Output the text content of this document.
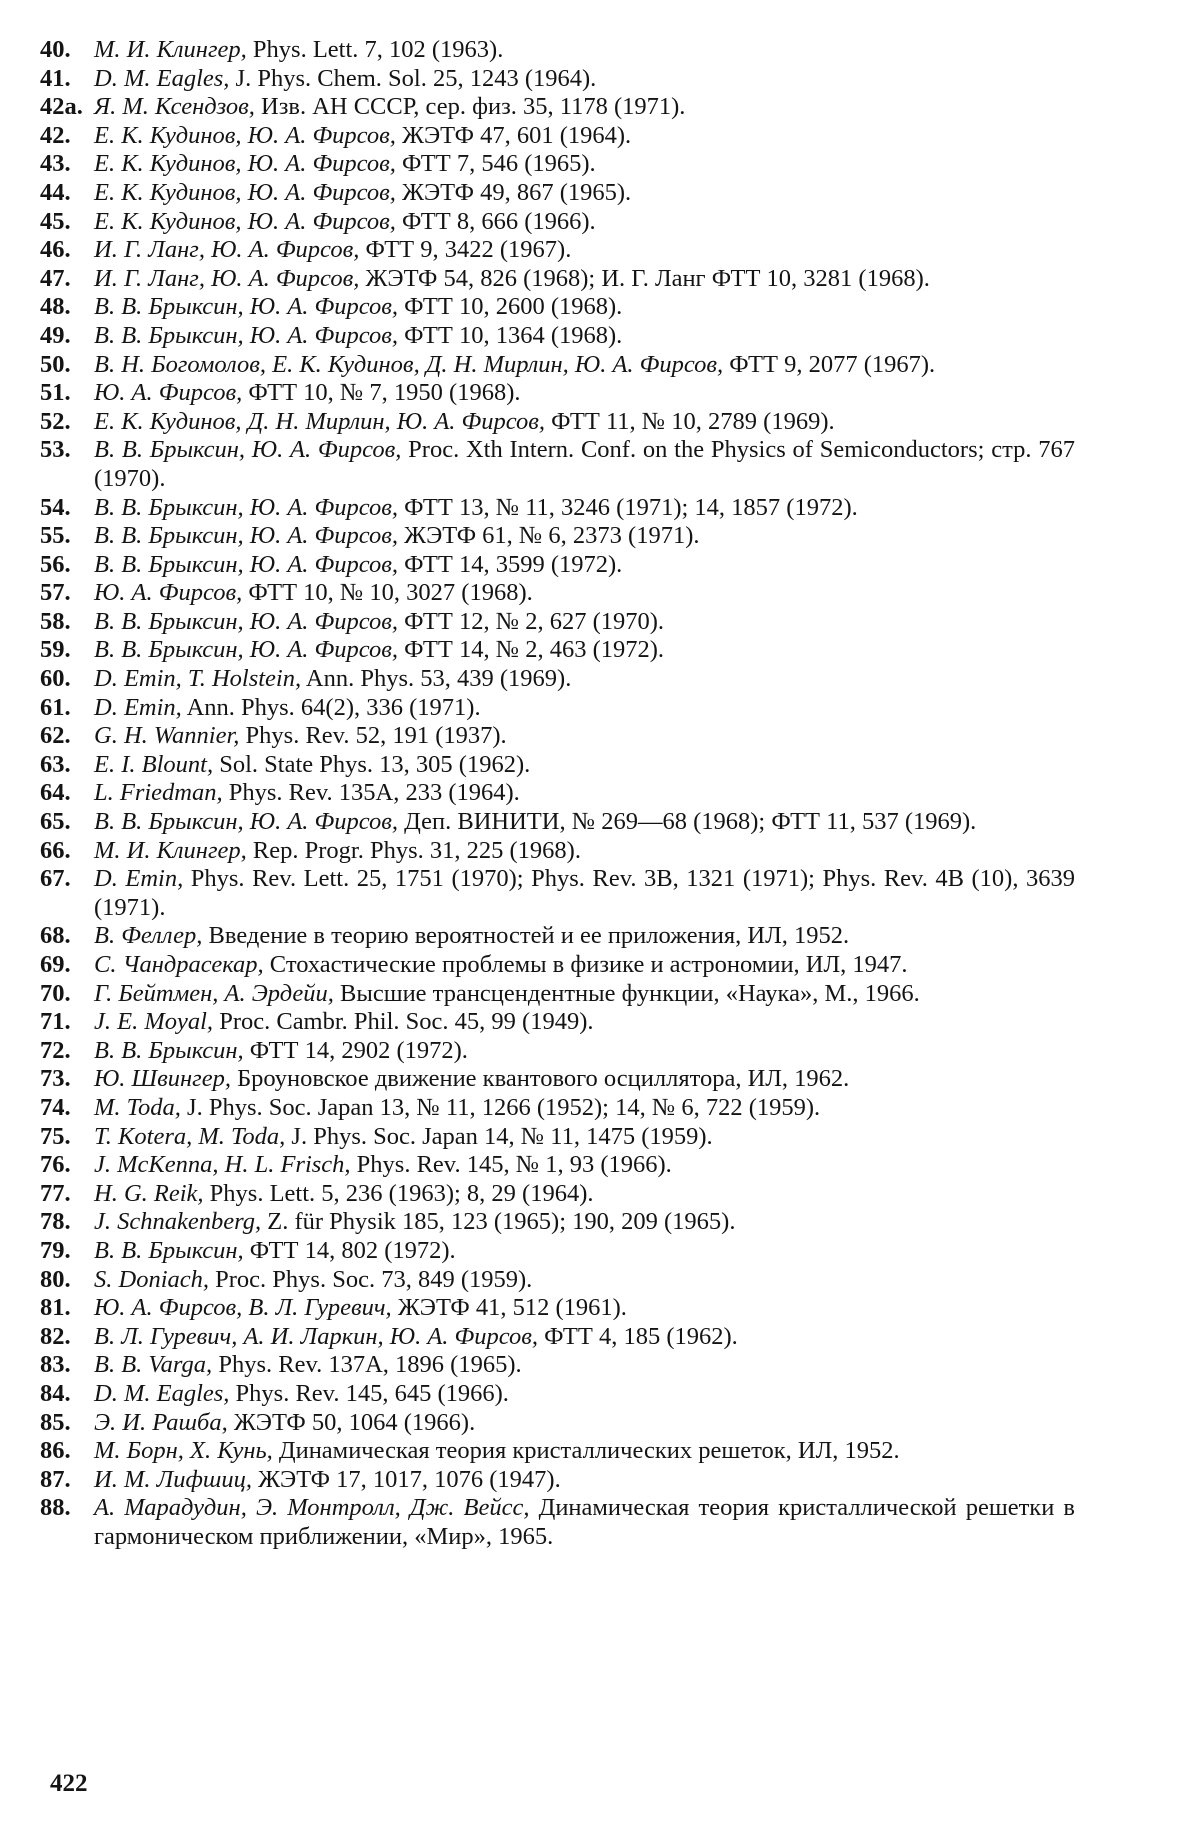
40. М. И. Клингер, Phys. Lett. 7, 102 (1963).
41. D. M. Eagles, J. Phys. Chem. Sol. 25, 1243 (1964).
42а. Я. М. Ксендзов, Изв. АН СССР, сер. физ. 35, 1178 (1971).
42. Е. К. Кудинов, Ю. А. Фирсов, ЖЭТФ 47, 601 (1964).
43. Е. К. Кудинов, Ю. А. Фирсов, ФТТ 7, 546 (1965).
44. Е. К. Кудинов, Ю. А. Фирсов, ЖЭТФ 49, 867 (1965).
45. Е. К. Кудинов, Ю. А. Фирсов, ФТТ 8, 666 (1966).
46. И. Г. Ланг, Ю. А. Фирсов, ФТТ 9, 3422 (1967).
47. И. Г. Ланг, Ю. А. Фирсов, ЖЭТФ 54, 826 (1968); И. Г. Ланг ФТТ 10, 3281 (1968).
48. В. В. Брыксин, Ю. А. Фирсов, ФТТ 10, 2600 (1968).
49. В. В. Брыксин, Ю. А. Фирсов, ФТТ 10, 1364 (1968).
50. В. Н. Богомолов, Е. К. Кудинов, Д. Н. Мирлин, Ю. А. Фирсов, ФТТ 9, 2077 (1967).
51. Ю. А. Фирсов, ФТТ 10, № 7, 1950 (1968).
52. Е. К. Кудинов, Д. Н. Мирлин, Ю. А. Фирсов, ФТТ 11, № 10, 2789 (1969).
53. В. В. Брыксин, Ю. А. Фирсов, Proc. Xth Intern. Conf. on the Physics of Semiconductors; стр. 767 (1970).
54. В. В. Брыксин, Ю. А. Фирсов, ФТТ 13, № 11, 3246 (1971); 14, 1857 (1972).
55. В. В. Брыксин, Ю. А. Фирсов, ЖЭТФ 61, № 6, 2373 (1971).
56. В. В. Брыксин, Ю. А. Фирсов, ФТТ 14, 3599 (1972).
57. Ю. А. Фирсов, ФТТ 10, № 10, 3027 (1968).
58. В. В. Брыксин, Ю. А. Фирсов, ФТТ 12, № 2, 627 (1970).
59. В. В. Брыксин, Ю. А. Фирсов, ФТТ 14, № 2, 463 (1972).
60. D. Emin, T. Holstein, Ann. Phys. 53, 439 (1969).
61. D. Emin, Ann. Phys. 64(2), 336 (1971).
62. G. H. Wannier, Phys. Rev. 52, 191 (1937).
63. E. I. Blount, Sol. State Phys. 13, 305 (1962).
64. L. Friedman, Phys. Rev. 135A, 233 (1964).
65. В. В. Брыксин, Ю. А. Фирсов, Деп. ВИНИТИ, № 269—68 (1968); ФТТ 11, 537 (1969).
66. М. И. Клингер, Rep. Progr. Phys. 31, 225 (1968).
67. D. Emin, Phys. Rev. Lett. 25, 1751 (1970); Phys. Rev. 3B, 1321 (1971); Phys. Rev. 4B (10), 3639 (1971).
68. В. Феллер, Введение в теорию вероятностей и ее приложения, ИЛ, 1952.
69. С. Чандрасекар, Стохастические проблемы в физике и астрономии, ИЛ, 1947.
70. Г. Бейтмен, А. Эрдейи, Высшие трансцендентные функции, «Наука», М., 1966.
71. J. E. Moyal, Proc. Cambr. Phil. Soc. 45, 99 (1949).
72. В. В. Брыксин, ФТТ 14, 2902 (1972).
73. Ю. Швингер, Броуновское движение квантового осциллятора, ИЛ, 1962.
74. M. Toda, J. Phys. Soc. Japan 13, № 11, 1266 (1952); 14, № 6, 722 (1959).
75. T. Kotera, M. Toda, J. Phys. Soc. Japan 14, № 11, 1475 (1959).
76. J. McKenna, H. L. Frisch, Phys. Rev. 145, № 1, 93 (1966).
77. H. G. Reik, Phys. Lett. 5, 236 (1963); 8, 29 (1964).
78. J. Schnakenberg, Z. für Physik 185, 123 (1965); 190, 209 (1965).
79. В. В. Брыксин, ФТТ 14, 802 (1972).
80. S. Doniach, Proc. Phys. Soc. 73, 849 (1959).
81. Ю. А. Фирсов, В. Л. Гуревич, ЖЭТФ 41, 512 (1961).
82. В. Л. Гуревич, А. И. Ларкин, Ю. А. Фирсов, ФТТ 4, 185 (1962).
83. B. B. Varga, Phys. Rev. 137A, 1896 (1965).
84. D. M. Eagles, Phys. Rev. 145, 645 (1966).
85. Э. И. Рашба, ЖЭТФ 50, 1064 (1966).
86. М. Борн, Х. Кунь, Динамическая теория кристаллических решеток, ИЛ, 1952.
87. И. М. Лифшиц, ЖЭТФ 17, 1017, 1076 (1947).
88. А. Марадудин, Э. Монтролл, Дж. Вейсс, Динамическая теория кристаллической решетки в гармоническом приближении, «Мир», 1965.
422
